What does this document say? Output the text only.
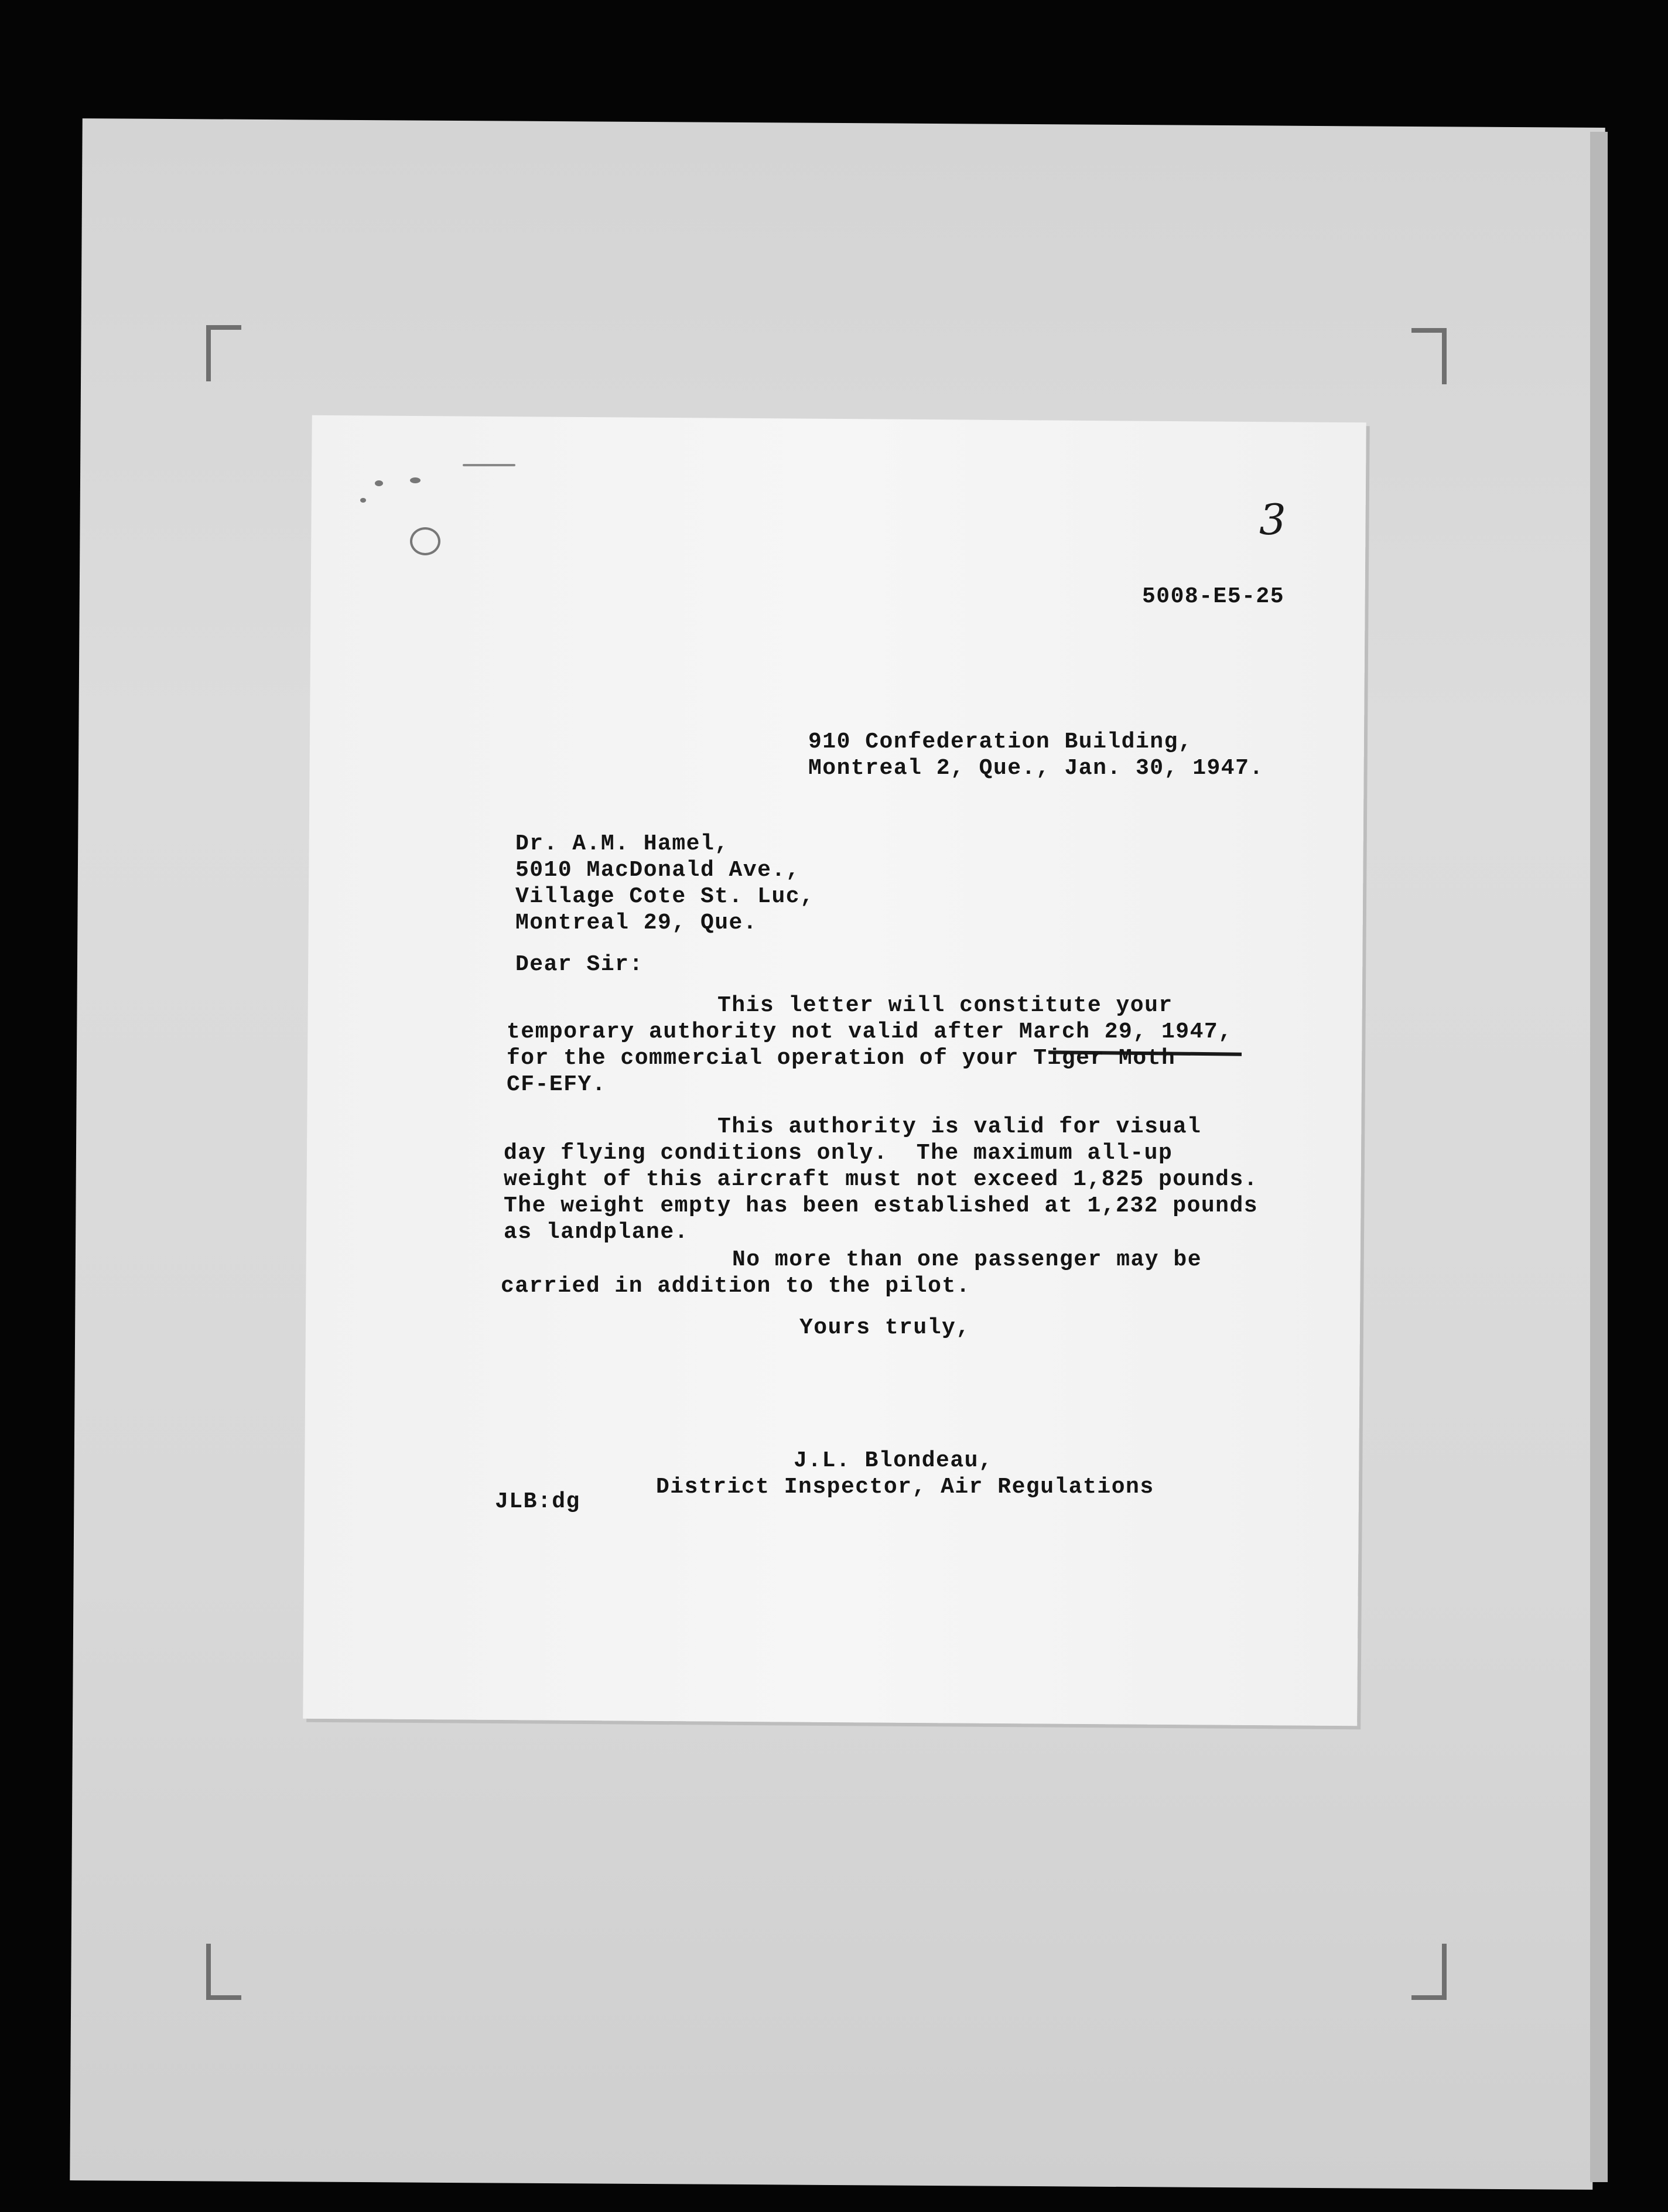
3
5008-E5-25
910 Confederation Building,
Montreal 2, Que., Jan. 30, 1947.
Dr. A.M. Hamel,
5010 MacDonald Ave.,
Village Cote St. Luc,
Montreal 29, Que.
Dear Sir:
This letter will constitute your
temporary authority not valid after March 29, 1947,
for the commercial operation of your Tiger Moth
CF-EFY.
This authority is valid for visual
day flying conditions only.  The maximum all-up
weight of this aircraft must not exceed 1,825 pounds.
The weight empty has been established at 1,232 pounds
as landplane.
No more than one passenger may be
carried in addition to the pilot.
Yours truly,
J.L. Blondeau,
District Inspector, Air Regulations
JLB:dg
